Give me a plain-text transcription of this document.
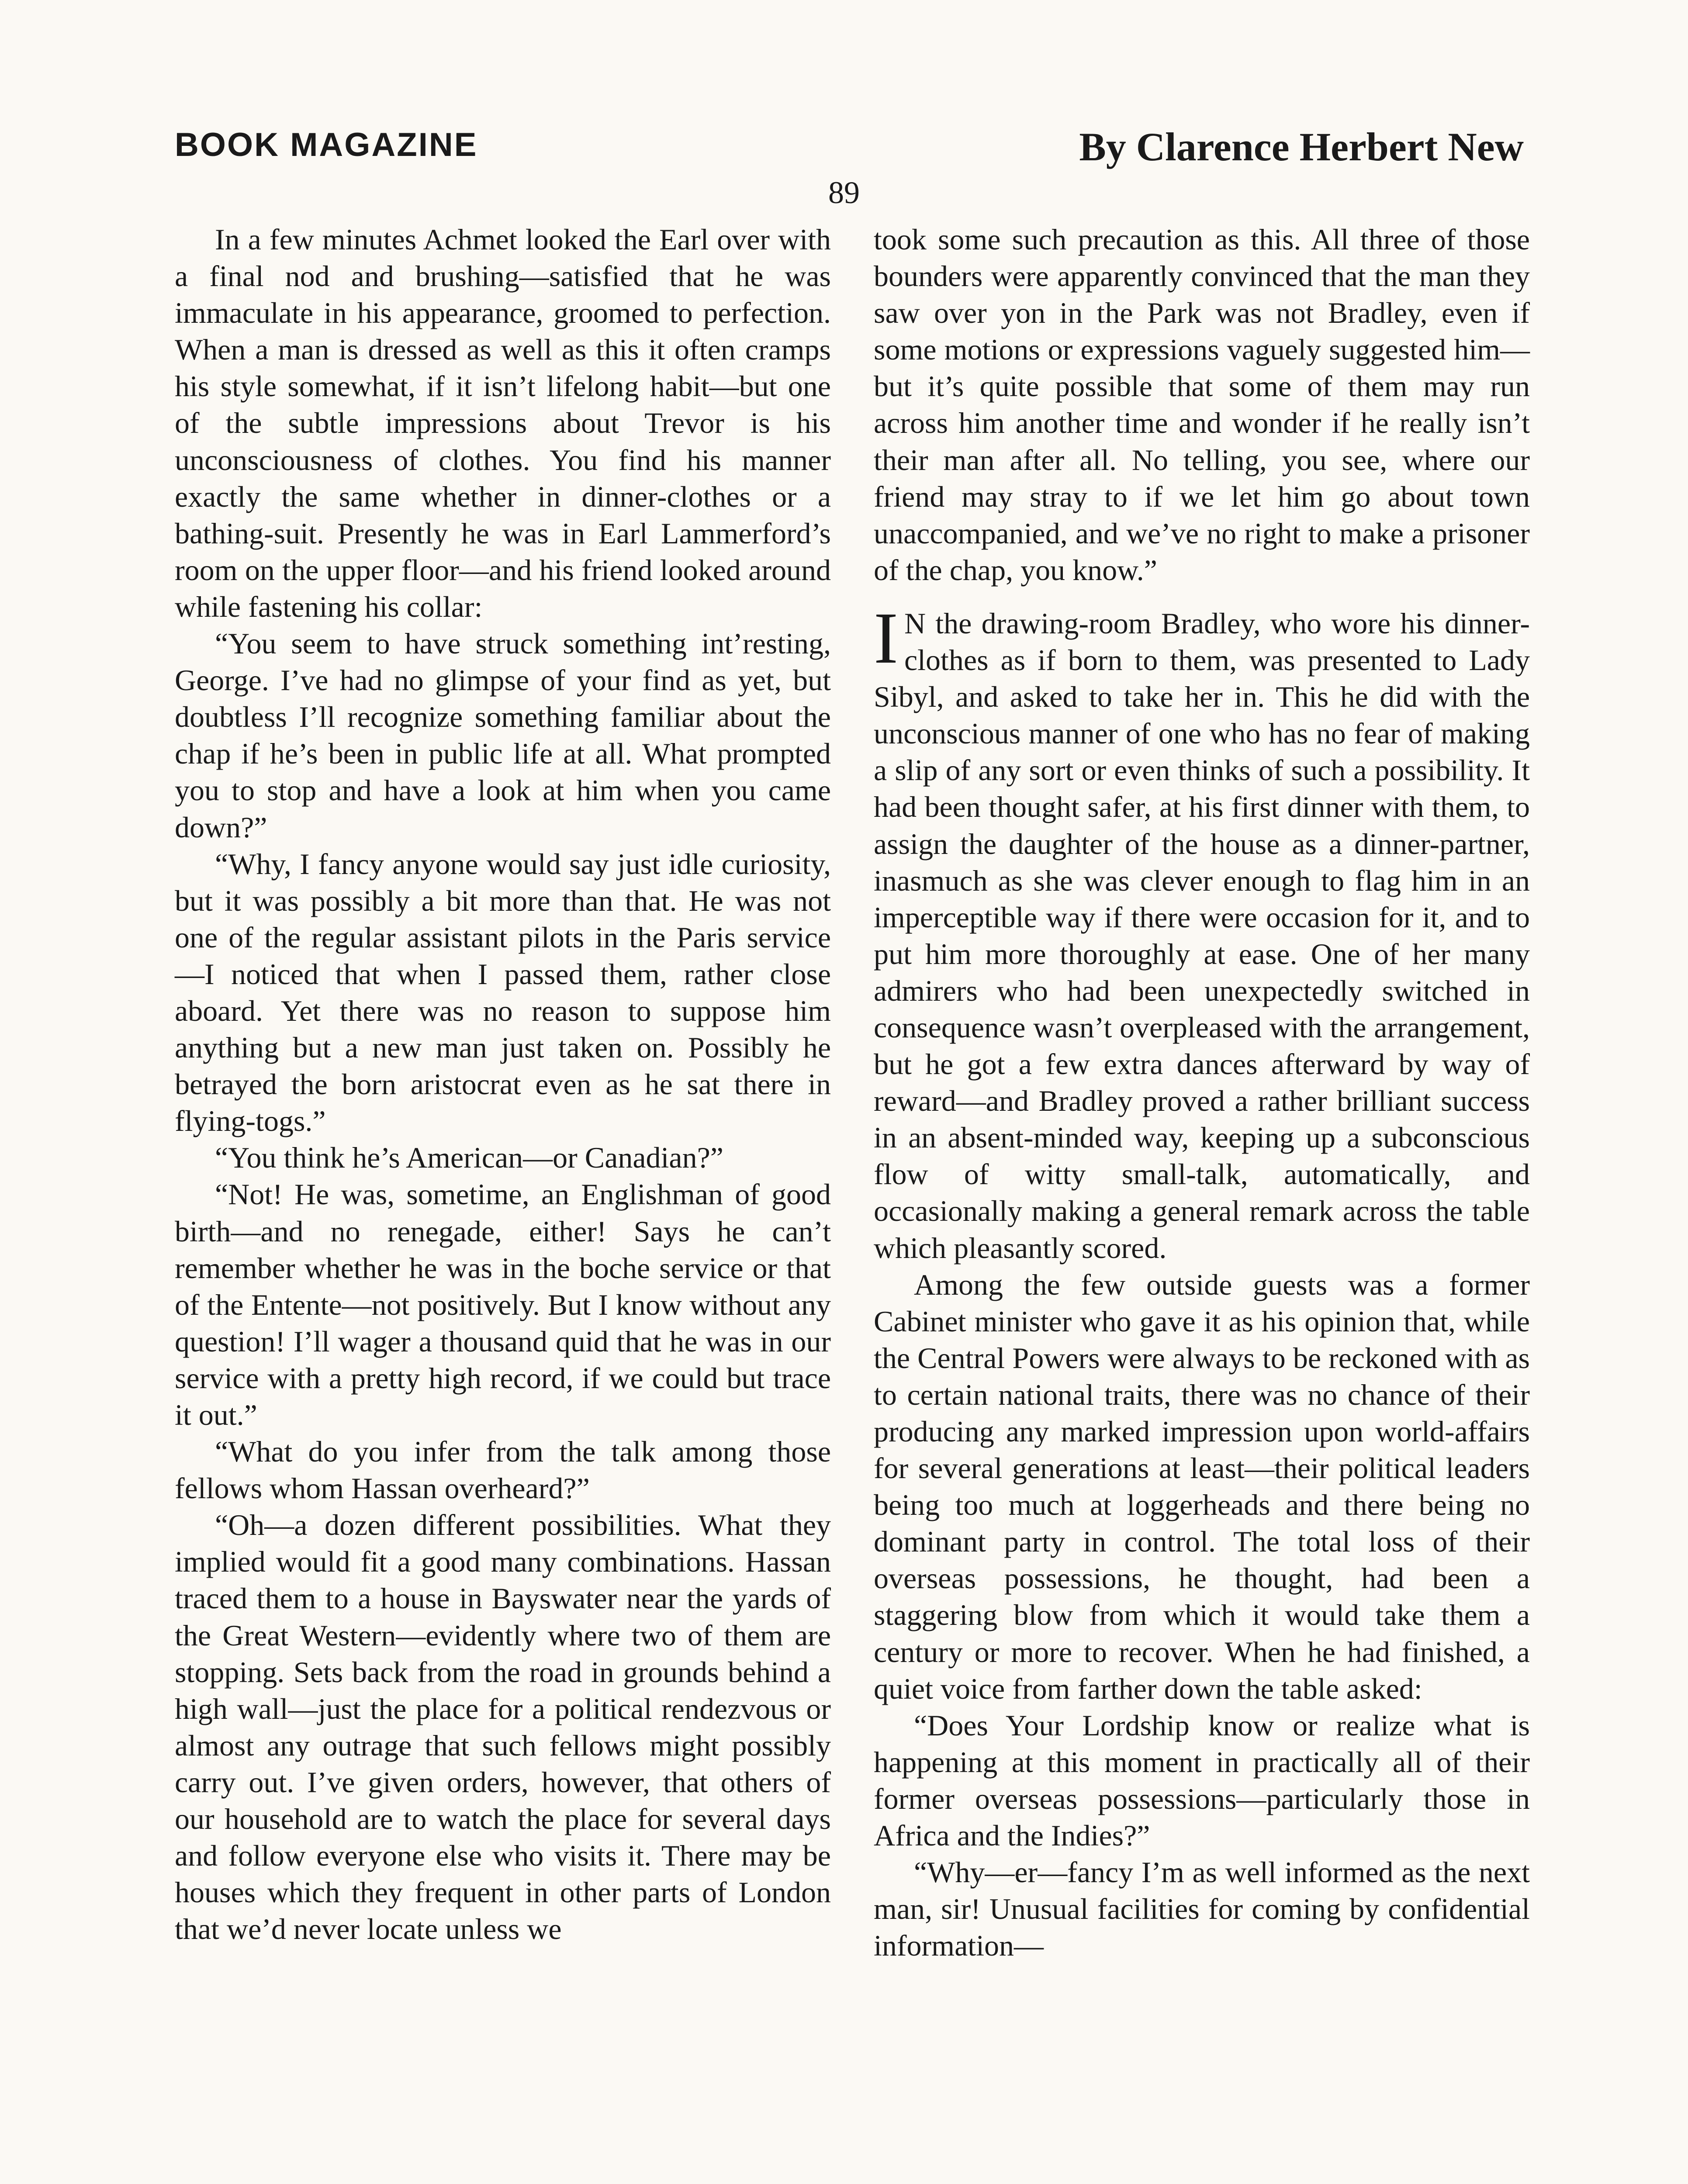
BOOK MAGAZINE	By Clarence Herbert New
89

In a few minutes Achmet looked the Earl over with a final nod and brushing—satisfied that he was immaculate in his appearance, groomed to perfection. When a man is dressed as well as this it often cramps his style somewhat, if it isn’t lifelong habit—but one of the subtle impressions about Trevor is his unconsciousness of clothes. You find his manner exactly the same whether in dinner-clothes or a bathing-suit. Presently he was in Earl Lammerford’s room on the upper floor—and his friend looked around while fastening his collar:

“You seem to have struck something int’resting, George. I’ve had no glimpse of your find as yet, but doubtless I’ll recognize something familiar about the chap if he’s been in public life at all. What prompted you to stop and have a look at him when you came down?”

“Why, I fancy anyone would say just idle curiosity, but it was possibly a bit more than that. He was not one of the regular assistant pilots in the Paris service —I noticed that when I passed them, rather close aboard. Yet there was no reason to suppose him anything but a new man just taken on. Possibly he betrayed the born aristocrat even as he sat there in flying-togs.”

“You think he’s American—or Canadian?”

“Not! He was, sometime, an Englishman of good birth—and no renegade, either! Says he can’t remember whether he was in the boche service or that of the Entente—not positively. But I know without any question! I’ll wager a thousand quid that he was in our service with a pretty high record, if we could but trace it out.”

“What do you infer from the talk among those fellows whom Hassan overheard?”

“Oh—a dozen different possibilities. What they implied would fit a good many combinations. Hassan traced them to a house in Bayswater near the yards of the Great Western—evidently where two of them are stopping. Sets back from the road in grounds behind a high wall—just the place for a political rendezvous or almost any outrage that such fellows might possibly carry out. I’ve given orders, however, that others of our household are to watch the place for several days and follow everyone else who visits it. There may be houses which they frequent in other parts of London that we’d never locate unless we

took some such precaution as this. All three of those bounders were apparently convinced that the man they saw over yon in the Park was not Bradley, even if some motions or expressions vaguely suggested him—but it’s quite possible that some of them may run across him another time and wonder if he really isn’t their man after all. No telling, you see, where our friend may stray to if we let him go about town unaccompanied, and we’ve no right to make a prisoner of the chap, you know.”

I N the drawing-room Bradley, who wore his dinner-clothes as if born to them, was presented to Lady Sibyl, and asked to take her in. This he did with the unconscious manner of one who has no fear of making a slip of any sort or even thinks of such a possibility. It had been thought safer, at his first dinner with them, to assign the daughter of the house as a dinner-partner, inasmuch as she was clever enough to flag him in an imperceptible way if there were occasion for it, and to put him more thoroughly at ease. One of her many admirers who had been unexpectedly switched in consequence wasn’t overpleased with the arrangement, but he got a few extra dances afterward by way of reward—and Bradley proved a rather brilliant success in an absent-minded way, keeping up a subconscious flow of witty small-talk, automatically, and occasionally making a general remark across the table which pleasantly scored.

Among the few outside guests was a former Cabinet minister who gave it as his opinion that, while the Central Powers were always to be reckoned with as to certain national traits, there was no chance of their producing any marked impression upon world-affairs for several generations at least—their political leaders being too much at loggerheads and there being no dominant party in control. The total loss of their overseas possessions, he thought, had been a staggering blow from which it would take them a century or more to recover. When he had finished, a quiet voice from farther down the table asked:

“Does Your Lordship know or realize what is happening at this moment in practically all of their former overseas possessions—particularly those in Africa and the Indies?”

“Why—er—fancy I’m as well informed as the next man, sir! Unusual facilities for coming by confidential information—
